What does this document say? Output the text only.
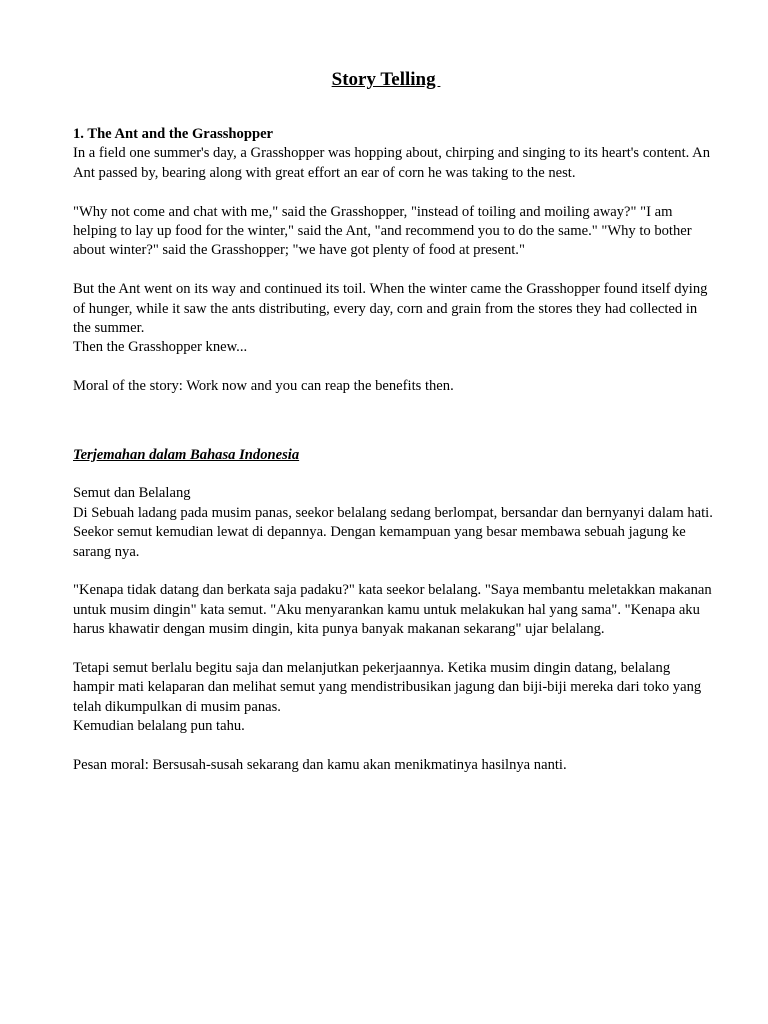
Story Telling

1. The Ant and the Grasshopper

In a field one summer's day, a Grasshopper was hopping about, chirping and singing to its heart's content. An Ant passed by, bearing along with great effort an ear of corn he was taking to the nest.

"Why not come and chat with me," said the Grasshopper, "instead of toiling and moiling away?" "I am helping to lay up food for the winter," said the Ant, "and recommend you to do the same." "Why to bother about winter?" said the Grasshopper; "we have got plenty of food at present."

But the Ant went on its way and continued its toil. When the winter came the Grasshopper found itself dying of hunger, while it saw the ants distributing, every day, corn and grain from the stores they had collected in the summer.

Then the Grasshopper knew...

Moral of the story: Work now and you can reap the benefits then.

Terjemahan dalam Bahasa Indonesia

Semut dan Belalang

Di Sebuah ladang pada musim panas, seekor belalang sedang berlompat, bersandar dan bernyanyi dalam hati. Seekor semut kemudian lewat di depannya. Dengan kemampuan yang besar membawa sebuah jagung ke sarang nya.

"Kenapa tidak datang dan berkata saja padaku?" kata seekor belalang. "Saya membantu meletakkan makanan untuk musim dingin" kata semut. "Aku menyarankan kamu untuk melakukan hal yang sama". "Kenapa aku harus khawatir dengan musim dingin, kita punya banyak makanan sekarang" ujar belalang.

Tetapi semut berlalu begitu saja dan melanjutkan pekerjaannya. Ketika musim dingin datang, belalang hampir mati kelaparan dan melihat semut yang mendistribusikan jagung dan biji-biji mereka dari toko yang telah dikumpulkan di musim panas.

Kemudian belalang pun tahu.

Pesan moral: Bersusah-susah sekarang dan kamu akan menikmatinya hasilnya nanti.
